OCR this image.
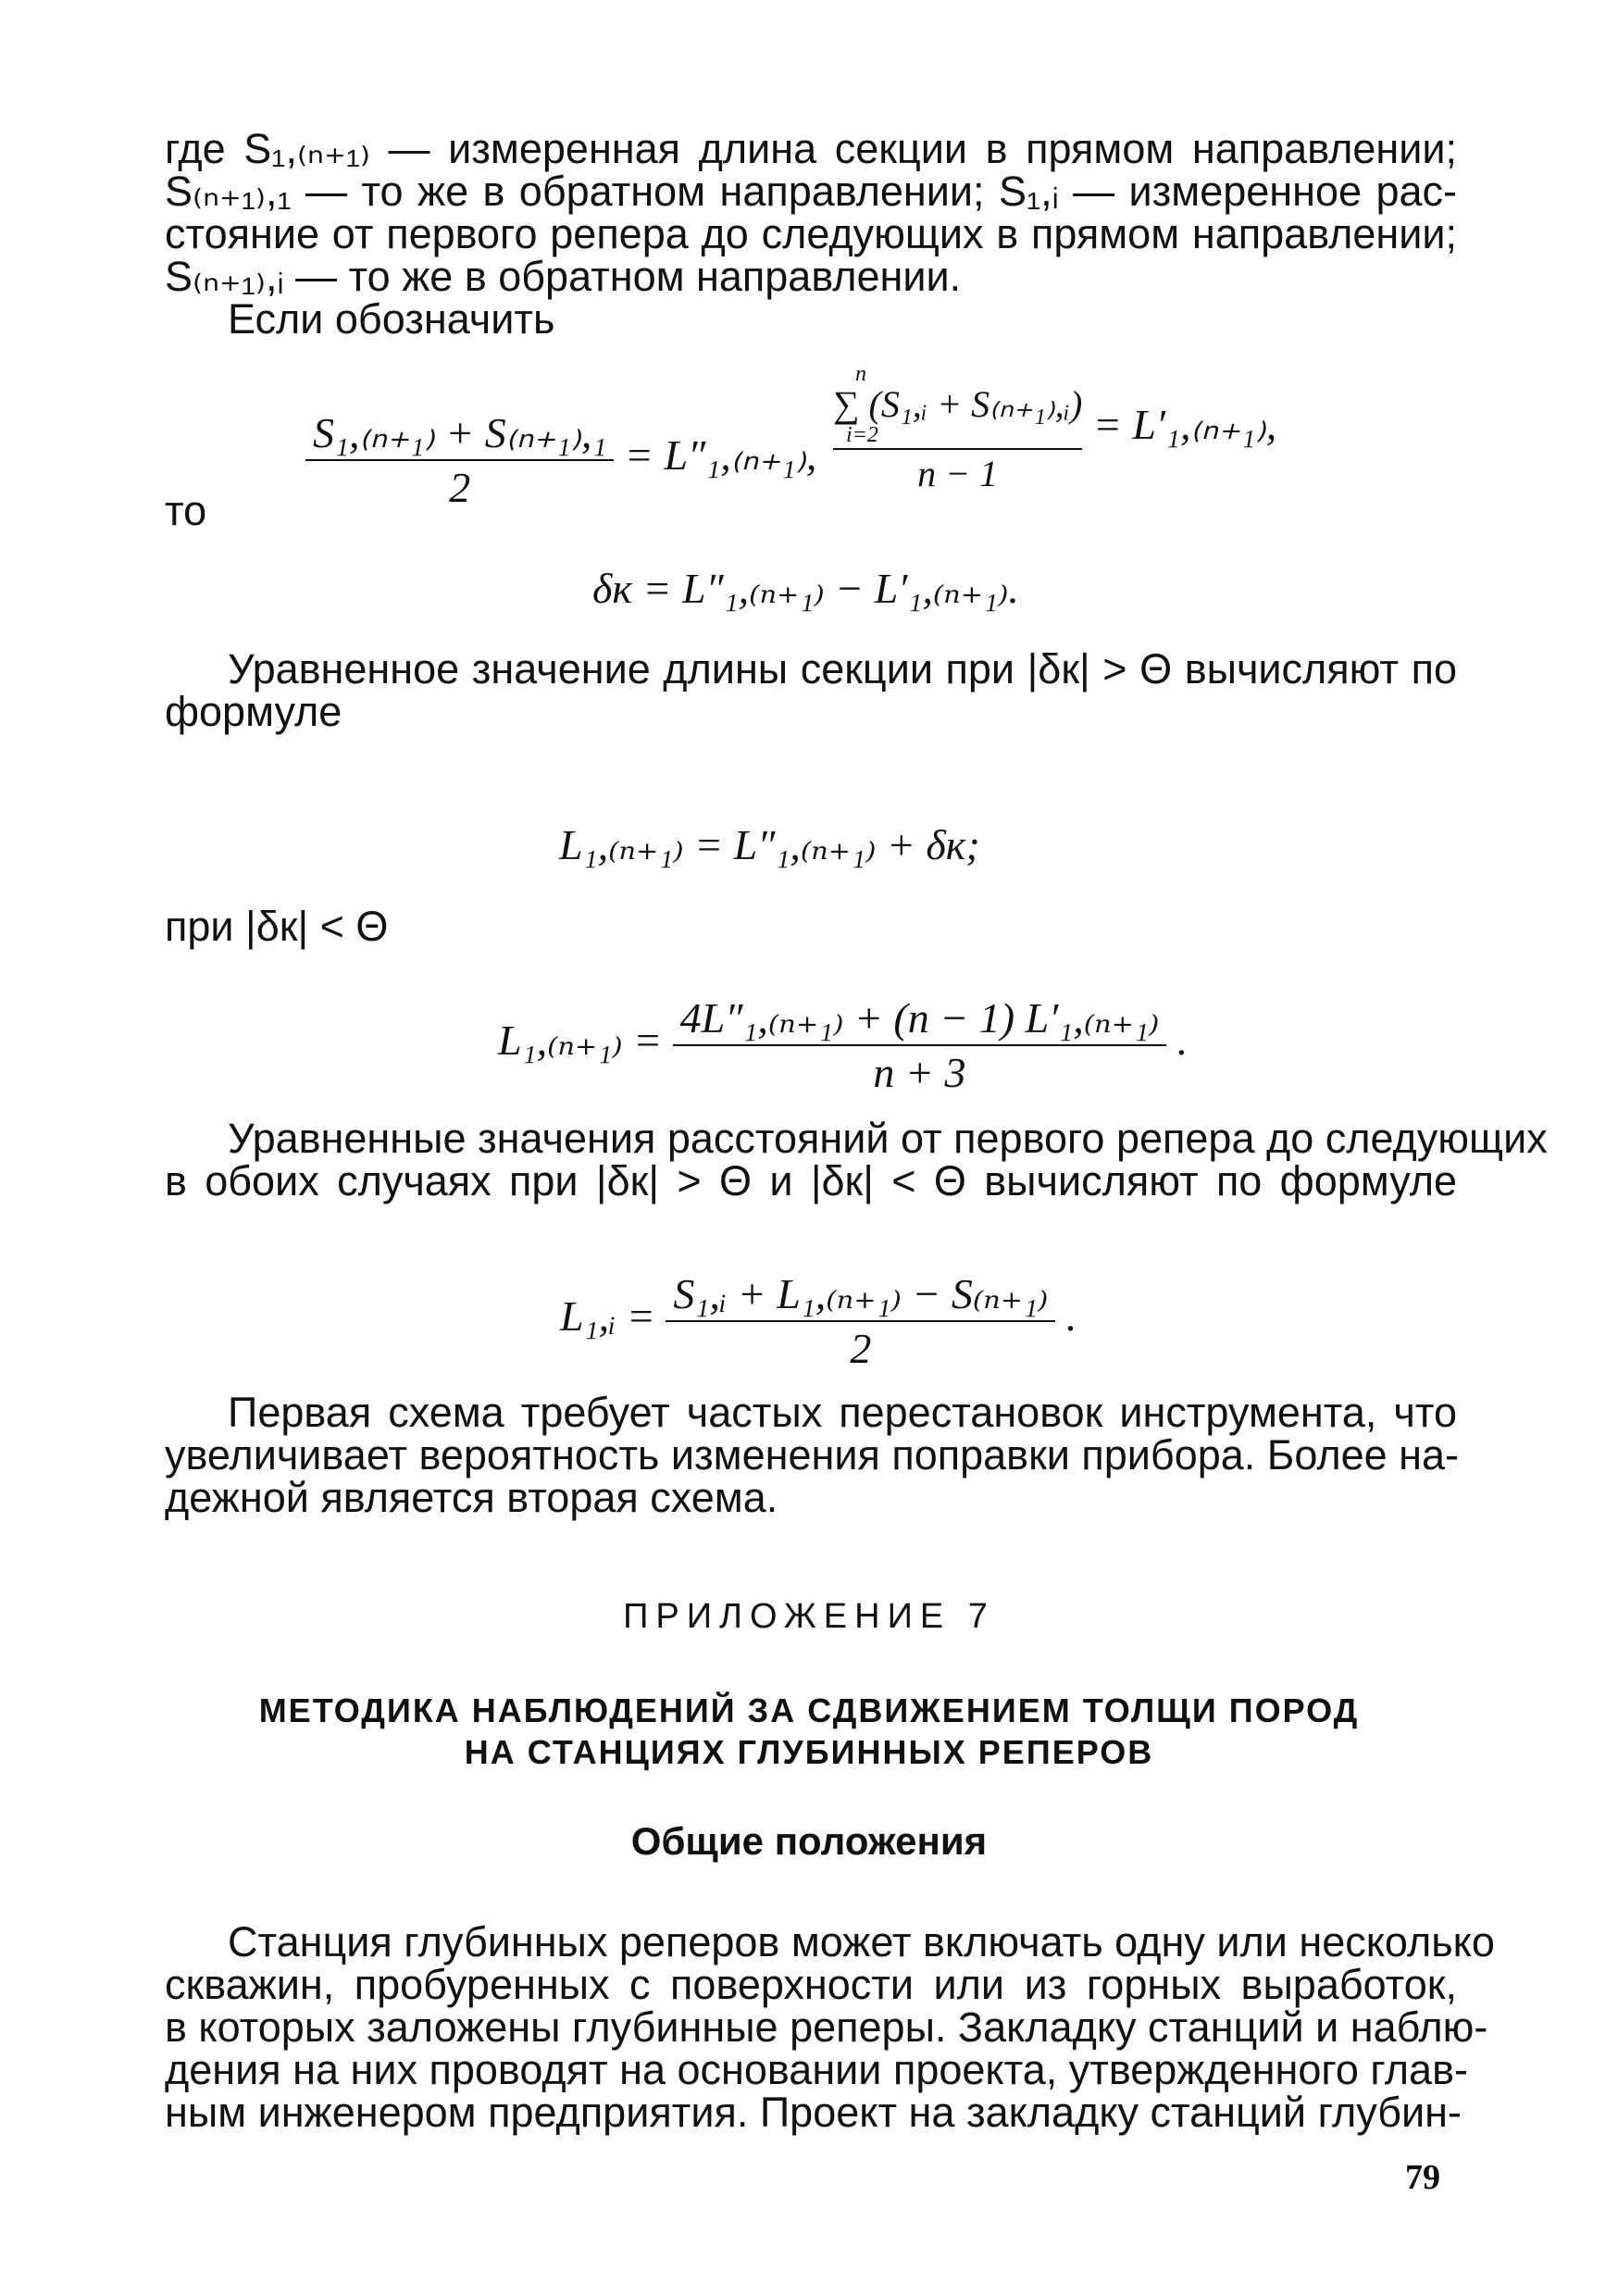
где S₁,₍ₙ₊₁₎ — измеренная длина секции в прямом направлении;
S₍ₙ₊₁₎,₁ — то же в обратном направлении; S₁,ᵢ — измеренное рас-
стояние от первого репера до следующих в прямом направлении;
S₍ₙ₊₁₎,ᵢ — то же в обратном направлении.
Если обозначить
$\frac{\text{S₁,₍ₙ₊₁₎ + S₍ₙ₊₁₎,₁}}{2} = L''_1,_{(n+1)}$,
n
∑ (S₁,ᵢ + S₍ₙ₊₁₎,ᵢ)
i=2
n − 1
= L′₁,₍ₙ₊₁₎,
то
δк = L″₁,₍ₙ₊₁₎ − L′₁,₍ₙ₊₁₎.
Уравненное значение длины секции при |δк| > Θ вычисляют по
формуле
L₁,₍ₙ₊₁₎ = L″₁,₍ₙ₊₁₎ + δк;
при |δк| < Θ
$L_1,_{(n+1)} = \frac{\text{4L″₁,₍ₙ₊₁₎ + (n − 1) L′₁,₍ₙ₊₁₎}}{n + 3}$ .
Уравненные значения расстояний от первого репера до следующих
в обоих случаях при |δк| > Θ и |δк| < Θ вычисляют по формуле
L₁,ᵢ = $\frac{\text{S₁,ᵢ + L₁,₍ₙ₊₁₎ − S₍ₙ₊₁₎}}{2}$ .
Первая схема требует частых перестановок инструмента, что
увеличивает вероятность изменения поправки прибора. Более на-
дежной является вторая схема.
ПРИЛОЖЕНИЕ 7
МЕТОДИКА НАБЛЮДЕНИЙ ЗА СДВИЖЕНИЕМ ТОЛЩИ ПОРОД
НА СТАНЦИЯХ ГЛУБИННЫХ РЕПЕРОВ
Общие положения
Станция глубинных реперов может включать одну или несколько
скважин, пробуренных с поверхности или из горных выработок,
в которых заложены глубинные реперы. Закладку станций и наблю-
дения на них проводят на основании проекта, утвержденного глав-
ным инженером предприятия. Проект на закладку станций глубин-
79
